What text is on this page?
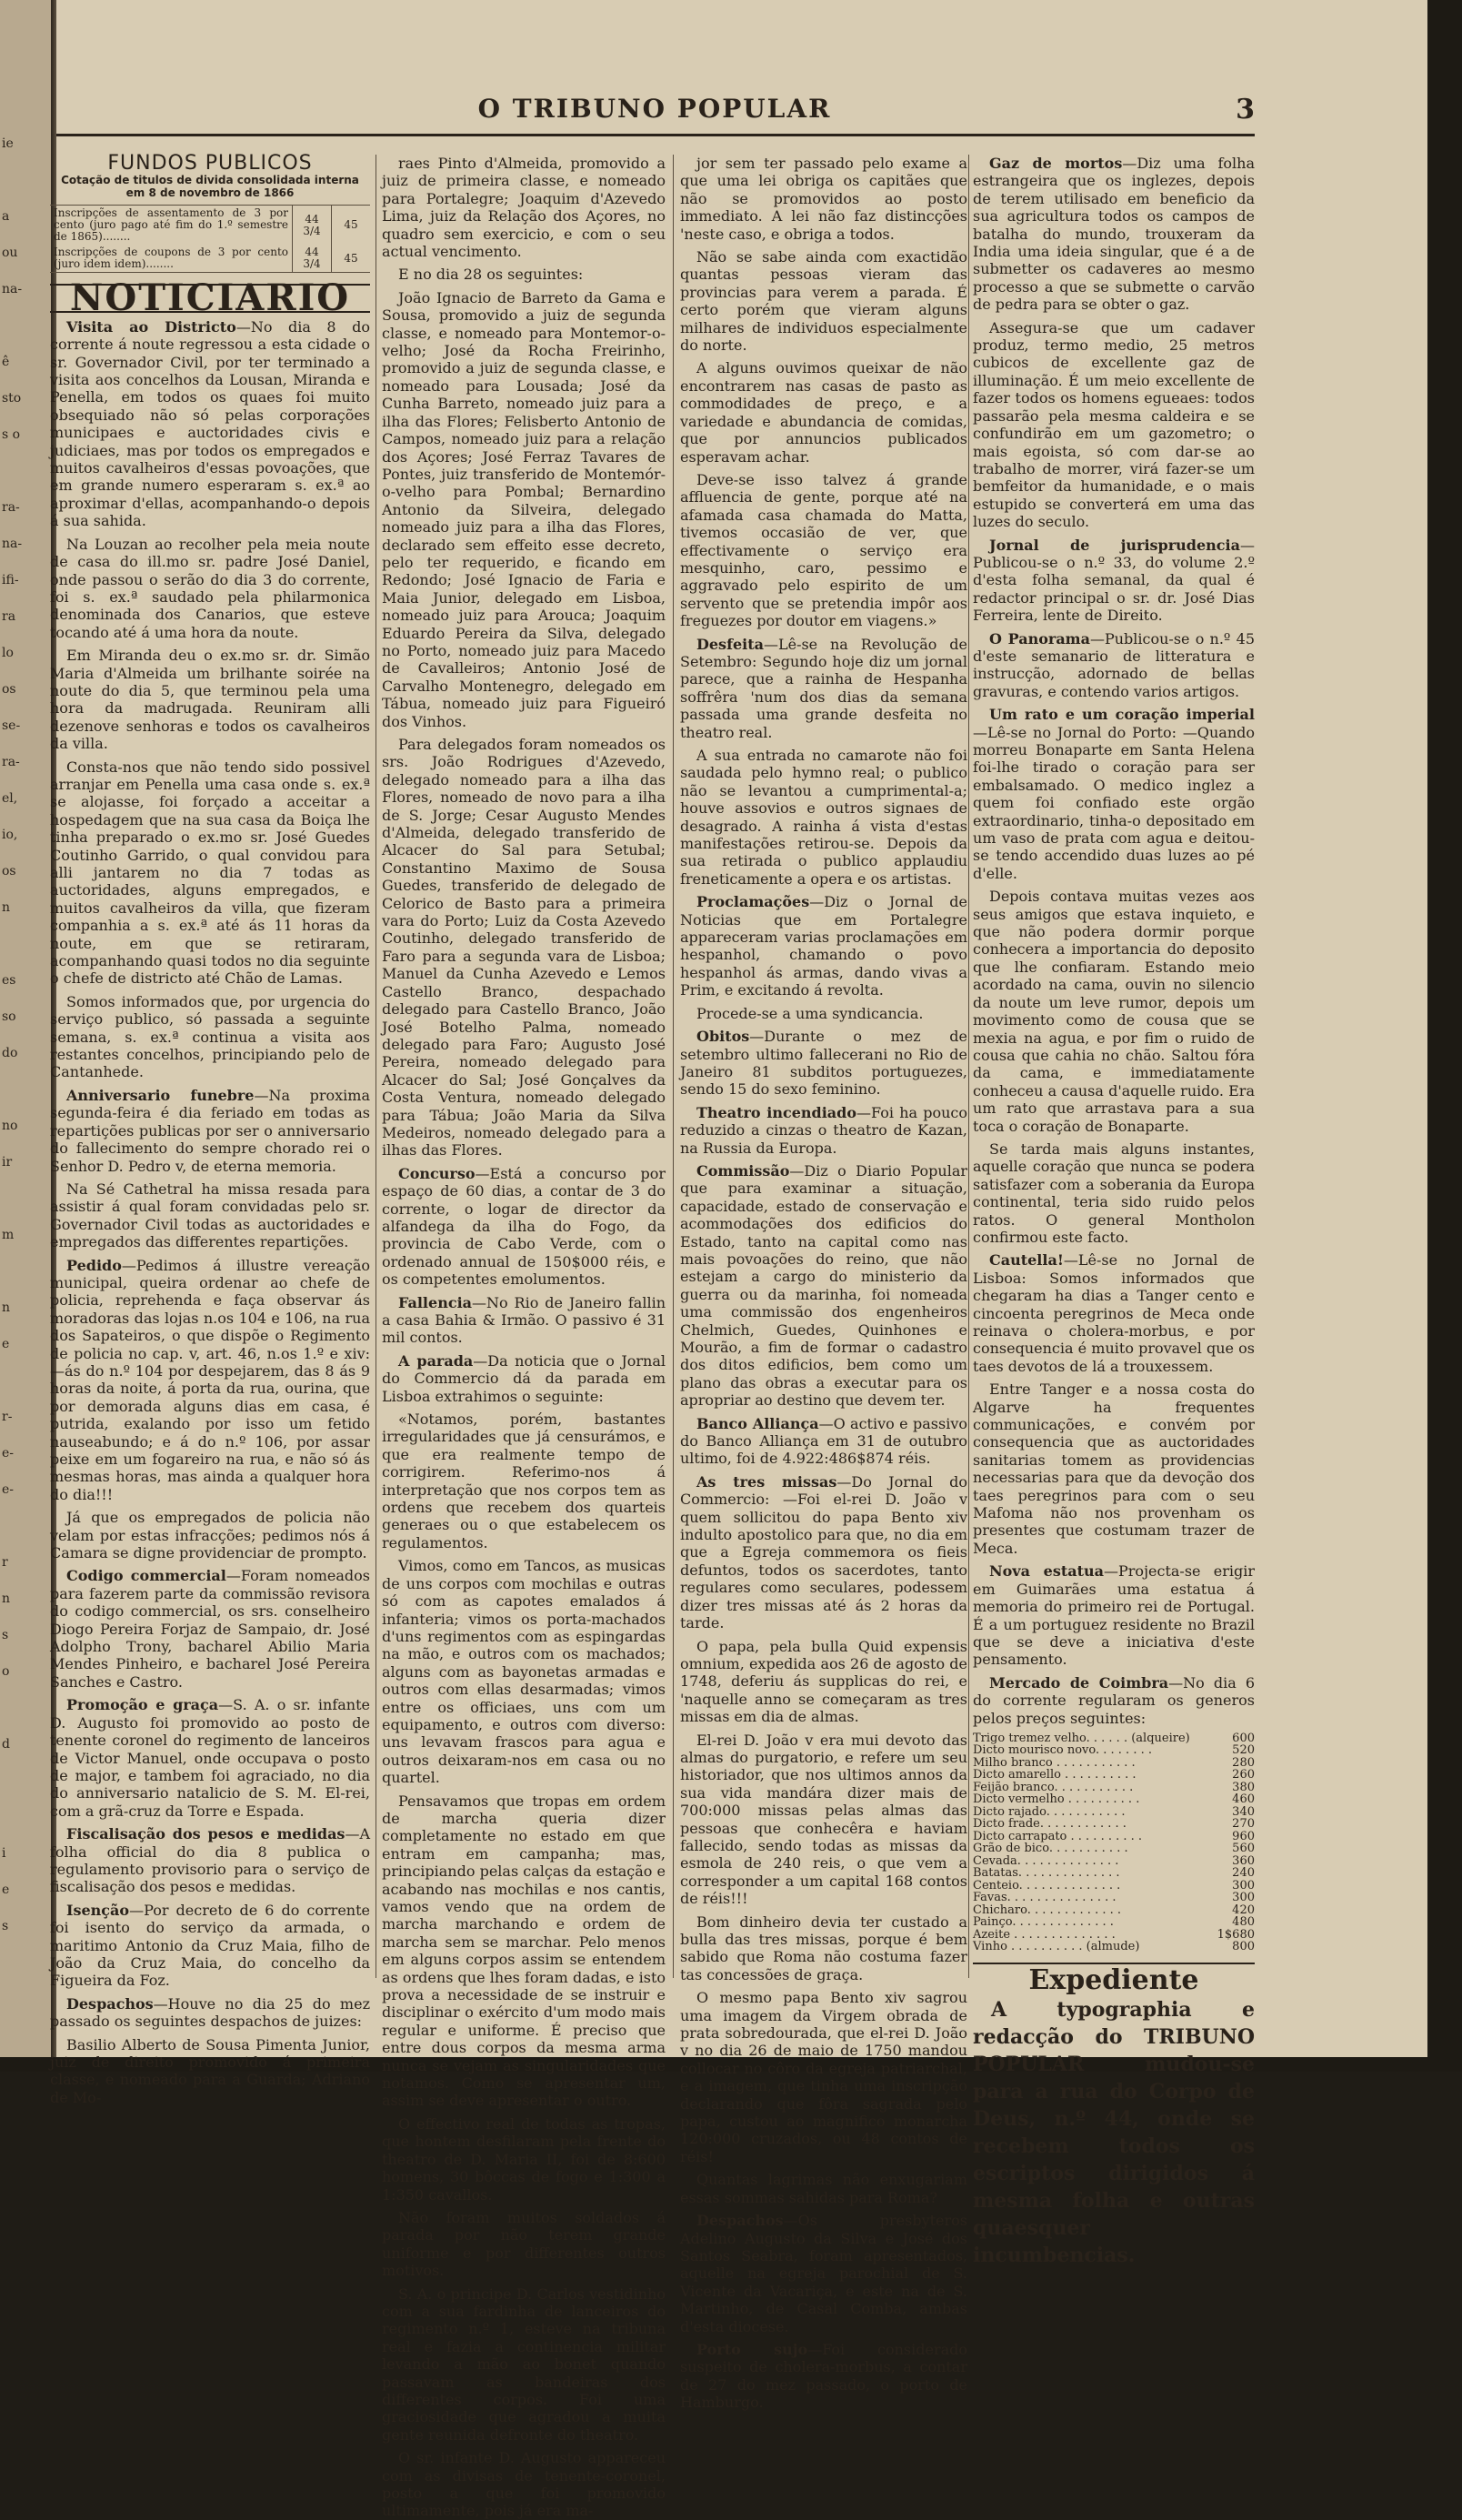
ie
a
ou
na-
ê
sto
s o
ra-
na-
ifi-
ra
lo
os
se-
ra-
el,
io,
os
n
es
so
do
no
ir
m
n
e
r-
e-
e-
r
n
s
o
d
i
e
s
O TRIBUNO POPULAR	3

FUNDOS PUBLICOS

Cotação de titulos de divida consolidada interna em 8 de novembro de 1866

Inscripções de assentamento de 3 por cento (juro pago até fim do 1.º semestre de 1865)........	44 3/4	45
Inscripções de coupons de 3 por cento (juro idem idem)........	44 3/4	45
NOTICIARIO

Visita ao Districto—No dia 8 do corrente á noute regressou a esta cidade o sr. Governador Civil, por ter terminado a visita aos concelhos da Lousan, Miranda e Penella, em todos os quaes foi muito obsequiado não só pelas corporações municipaes e auctoridades civis e judiciaes, mas por todos os empregados e muitos cavalheiros d'essas povoações, que em grande numero esperaram s. ex.ª ao aproximar d'ellas, acompanhando-o depois á sua sahida.

Na Louzan ao recolher pela meia noute de casa do ill.mo sr. padre José Daniel, onde passou o serão do dia 3 do corrente, foi s. ex.ª saudado pela philarmonica denominada dos Canarios, que esteve tocando até á uma hora da noute.

Em Miranda deu o ex.mo sr. dr. Simão Maria d'Almeida um brilhante soirée na noute do dia 5, que terminou pela uma hora da madrugada. Reuniram alli dezenove senhoras e todos os cavalheiros da villa.

Consta-nos que não tendo sido possivel arranjar em Penella uma casa onde s. ex.ª se alojasse, foi forçado a acceitar a hospedagem que na sua casa da Boiça lhe tinha preparado o ex.mo sr. José Guedes Coutinho Garrido, o qual convidou para alli jantarem no dia 7 todas as auctoridades, alguns empregados, e muitos cavalheiros da villa, que fizeram companhia a s. ex.ª até ás 11 horas da noute, em que se retiraram, acompanhando quasi todos no dia seguinte o chefe de districto até Chão de Lamas.

Somos informados que, por urgencia do serviço publico, só passada a seguinte semana, s. ex.ª continua a visita aos restantes concelhos, principiando pelo de Cantanhede.

Anniversario funebre—Na proxima segunda-feira é dia feriado em todas as repartições publicas por ser o anniversario do fallecimento do sempre chorado rei o Senhor D. Pedro v, de eterna memoria.

Na Sé Cathetral ha missa resada para assistir á qual foram convidadas pelo sr. Governador Civil todas as auctoridades e empregados das differentes repartições.

Pedido—Pedimos á illustre vereação municipal, queira ordenar ao chefe de policia, reprehenda e faça observar ás moradoras das lojas n.os 104 e 106, na rua dos Sapateiros, o que dispõe o Regimento de policia no cap. v, art. 46, n.os 1.º e xiv: —ás do n.º 104 por despejarem, das 8 ás 9 horas da noite, á porta da rua, ourina, que por demorada alguns dias em casa, é putrida, exalando por isso um fetido nauseabundo; e á do n.º 106, por assar peixe em um fogareiro na rua, e não só ás mesmas horas, mas ainda a qualquer hora do dia!!!

Já que os empregados de policia não velam por estas infracções; pedimos nós á Camara se digne providenciar de prompto.

Codigo commercial—Foram nomeados para fazerem parte da commissão revisora do codigo commercial, os srs. conselheiro Diogo Pereira Forjaz de Sampaio, dr. José Adolpho Trony, bacharel Abilio Maria Mendes Pinheiro, e bacharel José Pereira Sanches e Castro.

Promoção e graça—S. A. o sr. infante D. Augusto foi promovido ao posto de tenente coronel do regimento de lanceiros de Victor Manuel, onde occupava o posto de major, e tambem foi agraciado, no dia do anniversario natalicio de S. M. El-rei, com a grã-cruz da Torre e Espada.

Fiscalisação dos pesos e medidas—A folha official do dia 8 publica o regulamento provisorio para o serviço de fiscalisação dos pesos e medidas.

Isenção—Por decreto de 6 do corrente foi isento do serviço da armada, o maritimo Antonio da Cruz Maia, filho de João da Cruz Maia, do concelho da Figueira da Foz.

Despachos—Houve no dia 25 do mez passado os seguintes despachos de juizes:

Basilio Alberto de Sousa Pimenta Junior, juiz de direito promovido á primeira classe, e nomeado para a Guarda; Adriano de Mo-

raes Pinto d'Almeida, promovido a juiz de primeira classe, e nomeado para Portalegre; Joaquim d'Azevedo Lima, juiz da Relação dos Açores, no quadro sem exercicio, e com o seu actual vencimento.

E no dia 28 os seguintes:

João Ignacio de Barreto da Gama e Sousa, promovido a juiz de segunda classe, e nomeado para Montemor-o-velho; José da Rocha Freirinho, promovido a juiz de segunda classe, e nomeado para Lousada; José da Cunha Barreto, nomeado juiz para a ilha das Flores; Felisberto Antonio de Campos, nomeado juiz para a relação dos Açores; José Ferraz Tavares de Pontes, juiz transferido de Montemór-o-velho para Pombal; Bernardino Antonio da Silveira, delegado nomeado juiz para a ilha das Flores, declarado sem effeito esse decreto, pelo ter requerido, e ficando em Redondo; José Ignacio de Faria e Maia Junior, delegado em Lisboa, nomeado juiz para Arouca; Joaquim Eduardo Pereira da Silva, delegado no Porto, nomeado juiz para Macedo de Cavalleiros; Antonio José de Carvalho Montenegro, delegado em Tábua, nomeado juiz para Figueiró dos Vinhos.

Para delegados foram nomeados os srs. João Rodrigues d'Azevedo, delegado nomeado para a ilha das Flores, nomeado de novo para a ilha de S. Jorge; Cesar Augusto Mendes d'Almeida, delegado transferido de Alcacer do Sal para Setubal; Constantino Maximo de Sousa Guedes, transferido de delegado de Celorico de Basto para a primeira vara do Porto; Luiz da Costa Azevedo Coutinho, delegado transferido de Faro para a segunda vara de Lisboa; Manuel da Cunha Azevedo e Lemos Castello Branco, despachado delegado para Castello Branco, João José Botelho Palma, nomeado delegado para Faro; Augusto José Pereira, nomeado delegado para Alcacer do Sal; José Gonçalves da Costa Ventura, nomeado delegado para Tábua; João Maria da Silva Medeiros, nomeado delegado para a ilhas das Flores.

Concurso—Está a concurso por espaço de 60 dias, a contar de 3 do corrente, o logar de director da alfandega da ilha do Fogo, da provincia de Cabo Verde, com o ordenado annual de 150$000 réis, e os competentes emolumentos.

Fallencia—No Rio de Janeiro fallin a casa Bahia & Irmão. O passivo é 31 mil contos.

A parada—Da noticia que o Jornal do Commercio dá da parada em Lisboa extrahimos o seguinte:

«Notamos, porém, bastantes irregularidades que já censurámos, e que era realmente tempo de corrigirem. Referimo-nos á interpretação que nos corpos tem as ordens que recebem dos quarteis generaes ou o que estabelecem os regulamentos.

Vimos, como em Tancos, as musicas de uns corpos com mochilas e outras só com as capotes emalados á infanteria; vimos os porta-machados d'uns regimentos com as espingardas na mão, e outros com os machados; alguns com as bayonetas armadas e outros com ellas desarmadas; vimos entre os officiaes, uns com um equipamento, e outros com diverso: uns levavam frascos para agua e outros deixaram-nos em casa ou no quartel.

Pensavamos que tropas em ordem de marcha queria dizer completamente no estado em que entram em campanha; mas, principiando pelas calças da estação e acabando nas mochilas e nos cantis, vamos vendo que na ordem de marcha marchando e ordem de marcha sem se marchar. Pelo menos em alguns corpos assim se entendem as ordens que lhes foram dadas, e isto prova a necessidade de se instruir e disciplinar o exército d'um modo mais regular e uniforme. É preciso que entre dous corpos da mesma arma nunca se vejam as singularidades que notamos. Como se apresentar um, assim se deve apresentar o outro.

O effectivo real de todas as tropas, que hontem desfilaram pela frente do theatro de D. Maria II, foi de 8:600 homens, 30 bôccas de fogo e 1:300 a 1:350 cavallos.

Não foram muitos soldados á parada por não terem grande uniforme e por differentes outros motivos.

S. A. o principe D. Carlos vestidinho com a sua fardinha de lanceiros do regimento n.º 1, esteve na tribuna real e fazia a continencia militar levando a mão ao bonet quando passavam as bandeiras dos differentes corpos. Foi uma graciosidade que agradou a muita gente reunida defronte do theatro.

O sr. infante D. Augusto appareceu com as divisas de tenente-coronel, posto a que foi promovido ultimamente, pois já era ma-

jor sem ter passado pelo exame a que uma lei obriga os capitães que não se promovidos ao posto immediato. A lei não faz distincções 'neste caso, e obriga a todos.

Não se sabe ainda com exactidão quantas pessoas vieram das provincias para verem a parada. É certo porém que vieram alguns milhares de individuos especialmente do norte.

A alguns ouvimos queixar de não encontrarem nas casas de pasto as commodidades de preço, e a variedade e abundancia de comidas, que por annuncios publicados esperavam achar.

Deve-se isso talvez á grande affluencia de gente, porque até na afamada casa chamada do Matta, tivemos occasião de ver, que effectivamente o serviço era mesquinho, caro, pessimo e aggravado pelo espirito de um servento que se pretendia impôr aos freguezes por doutor em viagens.»

Desfeita—Lê-se na Revolução de Setembro: Segundo hoje diz um jornal parece, que a rainha de Hespanha soffrêra 'num dos dias da semana passada uma grande desfeita no theatro real.

A sua entrada no camarote não foi saudada pelo hymno real; o publico não se levantou a cumprimental-a; houve assovios e outros signaes de desagrado. A rainha á vista d'estas manifestações retirou-se. Depois da sua retirada o publico applaudiu freneticamente a opera e os artistas.

Proclamações—Diz o Jornal de Noticias que em Portalegre appareceram varias proclamações em hespanhol, chamando o povo hespanhol ás armas, dando vivas a Prim, e excitando á revolta.

Procede-se a uma syndicancia.

Obitos—Durante o mez de setembro ultimo fallecerani no Rio de Janeiro 81 subditos portuguezes, sendo 15 do sexo feminino.

Theatro incendiado—Foi ha pouco reduzido a cinzas o theatro de Kazan, na Russia da Europa.

Commissão—Diz o Diario Popular que para examinar a situação, capacidade, estado de conservação e acommodações dos edificios do Estado, tanto na capital como nas mais povoações do reino, que não estejam a cargo do ministerio da guerra ou da marinha, foi nomeada uma commissão dos engenheiros Chelmich, Guedes, Quinhones e Mourão, a fim de formar o cadastro dos ditos edificios, bem como um plano das obras a executar para os apropriar ao destino que devem ter.

Banco Alliança—O activo e passivo do Banco Alliança em 31 de outubro ultimo, foi de 4.922:486$874 réis.

As tres missas—Do Jornal do Commercio: —Foi el-rei D. João v quem sollicitou do papa Bento xiv indulto apostolico para que, no dia em que a Egreja commemora os fieis defuntos, todos os sacerdotes, tanto regulares como seculares, podessem dizer tres missas até ás 2 horas da tarde.

O papa, pela bulla Quid expensis omnium, expedida aos 26 de agosto de 1748, deferiu ás supplicas do rei, e 'naquelle anno se começaram as tres missas em dia de almas.

El-rei D. João v era mui devoto das almas do purgatorio, e refere um seu historiador, que nos ultimos annos da sua vida mandára dizer mais de 700:000 missas pelas almas das pessoas que conhecêra e haviam fallecido, sendo todas as missas da esmola de 240 reis, o que vem a corresponder a um capital 168 contos de réis!!!

Bom dinheiro devia ter custado a bulla das tres missas, porque é bem sabido que Roma não costuma fazer tas concessões de graça.

O mesmo papa Bento xiv sagrou uma imagem da Virgem obrada de prata sobredourada, que el-rei D. João v no dia 26 de maio de 1750 mandou collocar no côro da egreja patriarchal, e a imagem, que tinha uma inscripção declarando que fôra sagrada pelo papa, custou ao magnifico monarcha 120:000 cruzados, ou 48 contos de réis!

Quantas lagrimas não enxugariam essas sommas sahidas para Roma?

Despachos—Os presbyteros Adelino Augusto da Silva e José dos Santos Seabra, foram apresentados, aquelle na egreja parochial de S. Vicente da Vacariça, e este na de S. Martinho, de Casal Comba, ambas d'esta diocese.

Porto sujo—Foi considerado suspeito de cholera-morbus, a contar de 27 do mez passado, o porto de Hamburgo.

Gaz de mortos—Diz uma folha estrangeira que os inglezes, depois de terem utilisado em beneficio da sua agricultura todos os campos de batalha do mundo, trouxeram da India uma ideia singular, que é a de submetter os cadaveres ao mesmo processo a que se submette o carvão de pedra para se obter o gaz.

Assegura-se que um cadaver produz, termo medio, 25 metros cubicos de excellente gaz de illuminação. É um meio excellente de fazer todos os homens egueaes: todos passarão pela mesma caldeira e se confundirão em um gazometro; o mais egoista, só com dar-se ao trabalho de morrer, virá fazer-se um bemfeitor da humanidade, e o mais estupido se converterá em uma das luzes do seculo.

Jornal de jurisprudencia—Publicou-se o n.º 33, do volume 2.º d'esta folha semanal, da qual é redactor principal o sr. dr. José Dias Ferreira, lente de Direito.

O Panorama—Publicou-se o n.º 45 d'este semanario de litteratura e instrucção, adornado de bellas gravuras, e contendo varios artigos.

Um rato e um coração imperial—Lê-se no Jornal do Porto: —Quando morreu Bonaparte em Santa Helena foi-lhe tirado o coração para ser embalsamado. O medico inglez a quem foi confiado este orgão extraordinario, tinha-o depositado em um vaso de prata com agua e deitou-se tendo accendido duas luzes ao pé d'elle.

Depois contava muitas vezes aos seus amigos que estava inquieto, e que não podera dormir porque conhecera a importancia do deposito que lhe confiaram. Estando meio acordado na cama, ouvin no silencio da noute um leve rumor, depois um movimento como de cousa que se mexia na agua, e por fim o ruido de cousa que cahia no chão. Saltou fóra da cama, e immediatamente conheceu a causa d'aquelle ruido. Era um rato que arrastava para a sua toca o coração de Bonaparte.

Se tarda mais alguns instantes, aquelle coração que nunca se podera satisfazer com a soberania da Europa continental, teria sido ruido pelos ratos. O general Montholon confirmou este facto.

Cautella!—Lê-se no Jornal de Lisboa: Somos informados que chegaram ha dias a Tanger cento e cincoenta peregrinos de Meca onde reinava o cholera-morbus, e por consequencia é muito provavel que os taes devotos de lá a trouxessem.

Entre Tanger e a nossa costa do Algarve ha frequentes communicações, e convém por consequencia que as auctoridades sanitarias tomem as providencias necessarias para que da devoção dos taes peregrinos para com o seu Mafoma não nos provenham os presentes que costumam trazer de Meca.

Nova estatua—Projecta-se erigir em Guimarães uma estatua á memoria do primeiro rei de Portugal. É a um portuguez residente no Brazil que se deve a iniciativa d'este pensamento.

Mercado de Coimbra—No dia 6 do corrente regularam os generos pelos preços seguintes:

Trigo tremez velho. . . . . . (alqueire)	600
Dicto mourisco novo. . . . . . . .	520
Milho branco . . . . . . . . . . .	280
Dicto amarello . . . . . . . . . .	260
Feijão branco. . . . . . . . . . .	380
Dicto vermelho . . . . . . . . . .	460
Dicto rajado. . . . . . . . . . .	340
Dicto frade. . . . . . . . . . . .	270
Dicto carrapato . . . . . . . . . .	960
Grão de bico. . . . . . . . . . .	560
Cevada. . . . . . . . . . . . . .	360
Batatas. . . . . . . . . . . . . .	240
Centeio. . . . . . . . . . . . . .	300
Favas. . . . . . . . . . . . . . .	300
Chicharo. . . . . . . . . . . . .	420
Painço. . . . . . . . . . . . . .	480
Azeite . . . . . . . . . . . . . .	1$680
Vinho . . . . . . . . . . (almude)	800
Expediente
A typographia e redacção do TRIBUNO POPULAR mudou-se para a rua do Corpo de Deus, n.º 44, onde se recebem todos os escriptos dirigidos á mesma folha e outras quaesquer incumbencias.
